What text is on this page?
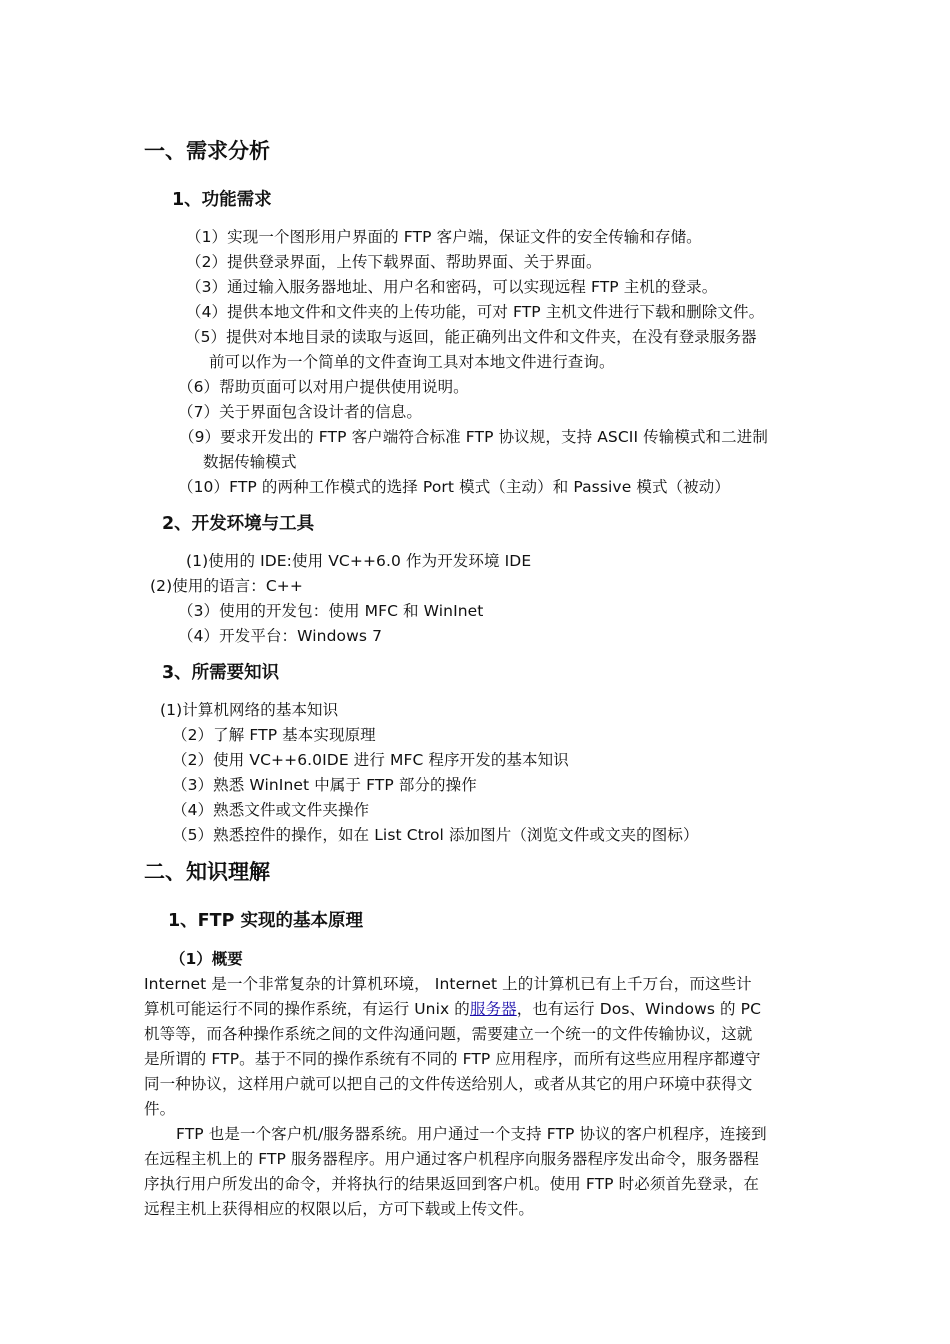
一、需求分析
1、功能需求
（1）实现一个图形用户界面的 FTP 客户端，保证文件的安全传输和存储。
（2）提供登录界面，上传下载界面、帮助界面、关于界面。
（3）通过输入服务器地址、用户名和密码，可以实现远程 FTP 主机的登录。
（4）提供本地文件和文件夹的上传功能，可对 FTP 主机文件进行下载和删除文件。
（5）提供对本地目录的读取与返回，能正确列出文件和文件夹，在没有登录服务器
前可以作为一个简单的文件查询工具对本地文件进行查询。
（6）帮助页面可以对用户提供使用说明。
（7）关于界面包含设计者的信息。
（9）要求开发出的 FTP 客户端符合标准 FTP 协议规，支持 ASCII 传输模式和二进制
数据传输模式
（10）FTP 的两种工作模式的选择 Port 模式（主动）和 Passive 模式（被动）
2、开发环境与工具
(1)使用的 IDE:使用 VC++6.0 作为开发环境 IDE
(2)使用的语言：C++
（3）使用的开发包：使用 MFC 和 WinInet
（4）开发平台：Windows 7
3、所需要知识
(1)计算机网络的基本知识
（2）了解 FTP 基本实现原理
（2）使用 VC++6.0IDE 进行 MFC 程序开发的基本知识
（3）熟悉 WinInet 中属于 FTP 部分的操作
（4）熟悉文件或文件夹操作
（5）熟悉控件的操作，如在 List Ctrol 添加图片（浏览文件或文夹的图标）
二、知识理解
1、FTP 实现的基本原理
（1）概要
Internet 是一个非常复杂的计算机环境， Internet 上的计算机已有上千万台，而这些计
算机可能运行不同的操作系统，有运行 Unix 的服务器，也有运行 Dos、Windows 的 PC
机等等，而各种操作系统之间的文件沟通问题，需要建立一个统一的文件传输协议，这就
是所谓的 FTP。基于不同的操作系统有不同的 FTP 应用程序，而所有这些应用程序都遵守
同一种协议，这样用户就可以把自己的文件传送给别人，或者从其它的用户环境中获得文
件。
FTP 也是一个客户机/服务器系统。用户通过一个支持 FTP 协议的客户机程序，连接到
在远程主机上的 FTP 服务器程序。用户通过客户机程序向服务器程序发出命令，服务器程
序执行用户所发出的命令，并将执行的结果返回到客户机。使用 FTP 时必须首先登录，在
远程主机上获得相应的权限以后，方可下载或上传文件。
